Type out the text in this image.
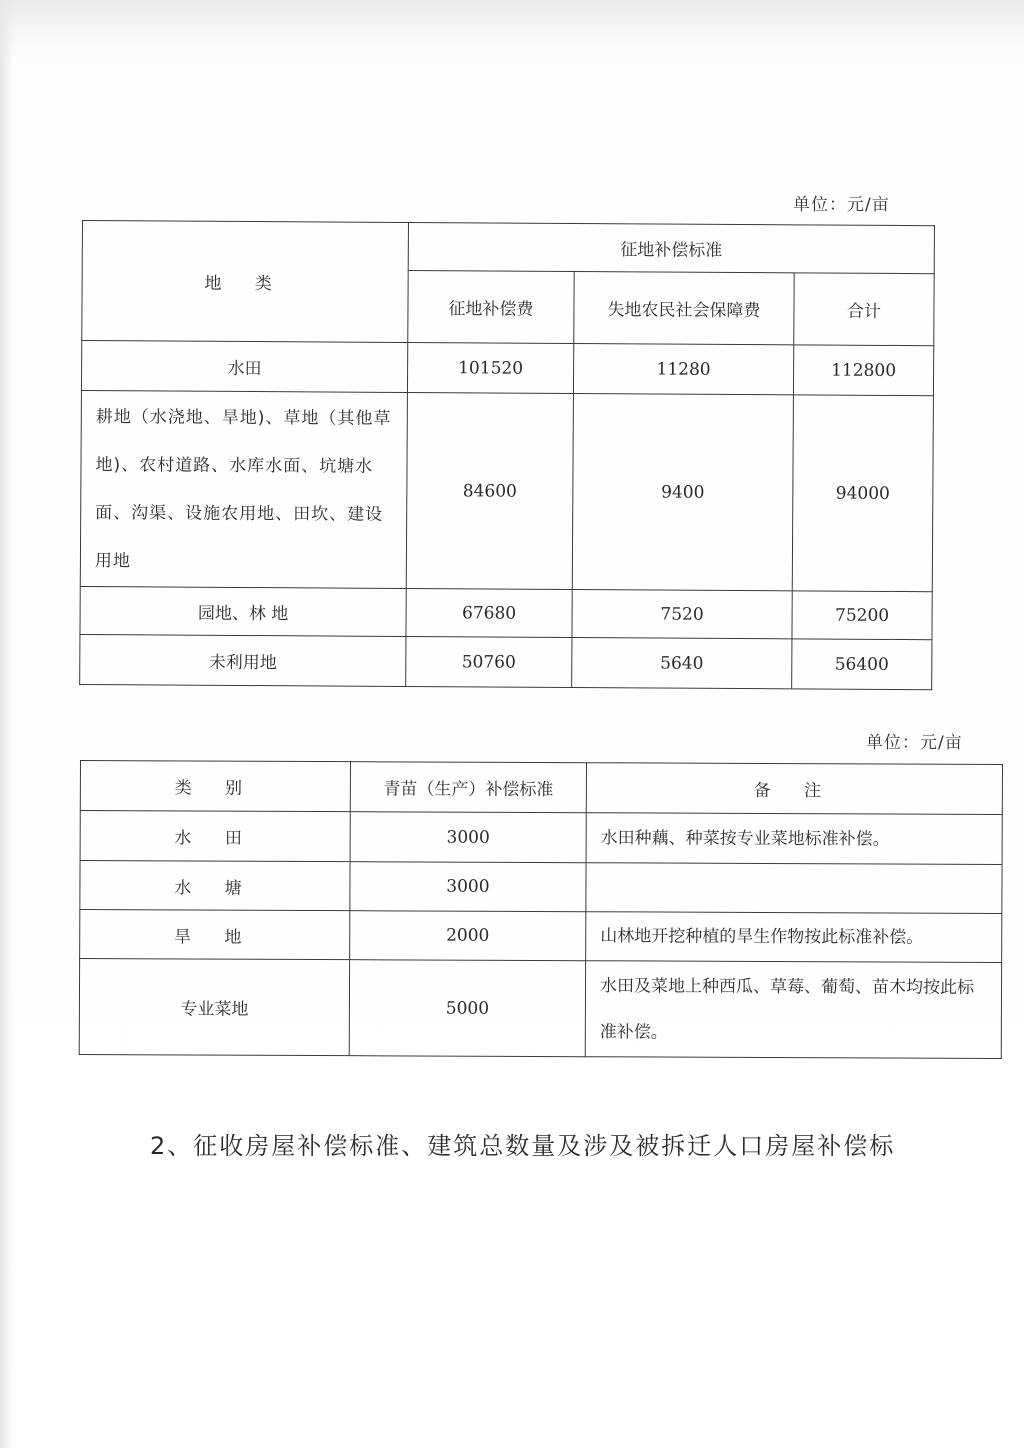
单位：元/亩
地 类	征地补偿标准		
	征地补偿费	失地农民社会保障费	合计
水田	101520	11280	112800
耕地（水浇地、旱地)、草地（其他草地)、农村道路、水库水面、坑塘水面、沟渠、设施农用地、田坎、建设用地	84600	9400	94000
园地、林 地	67680	7520	75200
未利用地	50760	5640	56400
单位：元/亩
类 别	青苗（生产）补偿标准	备 注
水 田	3000	水田种藕、种菜按专业菜地标准补偿。
水 塘	3000	
旱 地	2000	山林地开挖种植的旱生作物按此标准补偿。
专业菜地	5000	水田及菜地上种西瓜、草莓、葡萄、苗木均按此标准补偿。
2、征收房屋补偿标准、建筑总数量及涉及被拆迁人口房屋补偿标
